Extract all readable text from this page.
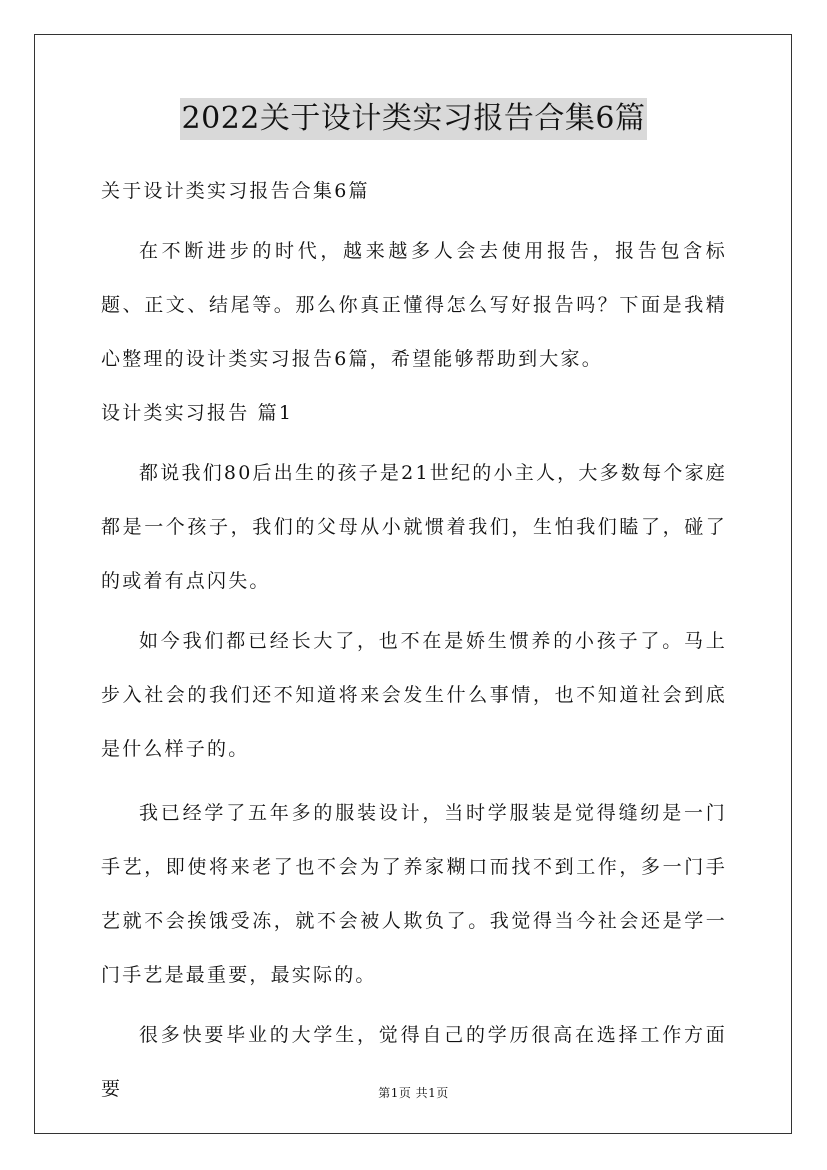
2022关于设计类实习报告合集6篇

关于设计类实习报告合集6篇

在不断进步的时代，越来越多人会去使用报告，报告包含标题、正文、结尾等。那么你真正懂得怎么写好报告吗？下面是我精心整理的设计类实习报告6篇，希望能够帮助到大家。

设计类实习报告 篇1

都说我们80后出生的孩子是21世纪的小主人，大多数每个家庭都是一个孩子，我们的父母从小就惯着我们，生怕我们瞌了，碰了的或着有点闪失。

如今我们都已经长大了，也不在是娇生惯养的小孩子了。马上步入社会的我们还不知道将来会发生什么事情，也不知道社会到底是什么样子的。

我已经学了五年多的服装设计，当时学服装是觉得缝纫是一门手艺，即使将来老了也不会为了养家糊口而找不到工作，多一门手艺就不会挨饿受冻，就不会被人欺负了。我觉得当今社会还是学一门手艺是最重要，最实际的。

很多快要毕业的大学生，觉得自己的学历很高在选择工作方面要	第1页 共1页
